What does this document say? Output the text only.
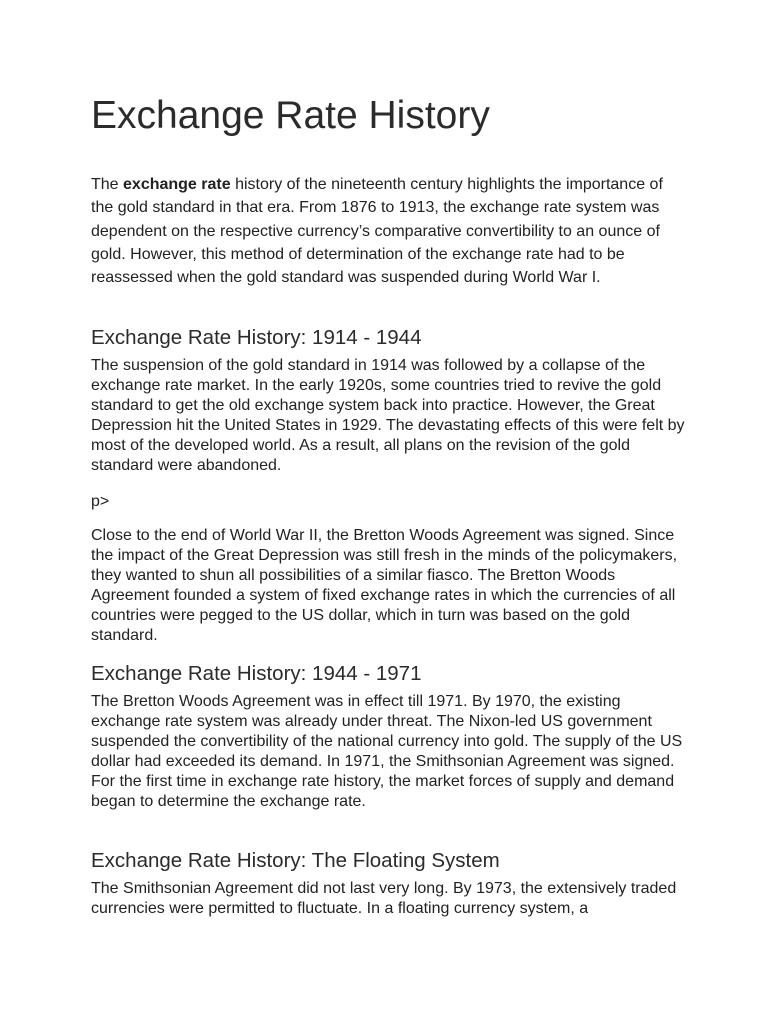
Exchange Rate History

The exchange rate history of the nineteenth century highlights the importance of the gold standard in that era. From 1876 to 1913, the exchange rate system was dependent on the respective currency’s comparative convertibility to an ounce of gold. However, this method of determination of the exchange rate had to be reassessed when the gold standard was suspended during World War I.

Exchange Rate History: 1914 - 1944

The suspension of the gold standard in 1914 was followed by a collapse of the exchange rate market. In the early 1920s, some countries tried to revive the gold standard to get the old exchange system back into practice. However, the Great Depression hit the United States in 1929. The devastating effects of this were felt by most of the developed world. As a result, all plans on the revision of the gold standard were abandoned.

p>

Close to the end of World War II, the Bretton Woods Agreement was signed. Since the impact of the Great Depression was still fresh in the minds of the policymakers, they wanted to shun all possibilities of a similar fiasco. The Bretton Woods Agreement founded a system of fixed exchange rates in which the currencies of all countries were pegged to the US dollar, which in turn was based on the gold standard.

Exchange Rate History: 1944 - 1971

The Bretton Woods Agreement was in effect till 1971. By 1970, the existing exchange rate system was already under threat. The Nixon-led US government suspended the convertibility of the national currency into gold. The supply of the US dollar had exceeded its demand. In 1971, the Smithsonian Agreement was signed. For the first time in exchange rate history, the market forces of supply and demand began to determine the exchange rate.

Exchange Rate History: The Floating System

The Smithsonian Agreement did not last very long. By 1973, the extensively traded currencies were permitted to fluctuate. In a floating currency system, a
